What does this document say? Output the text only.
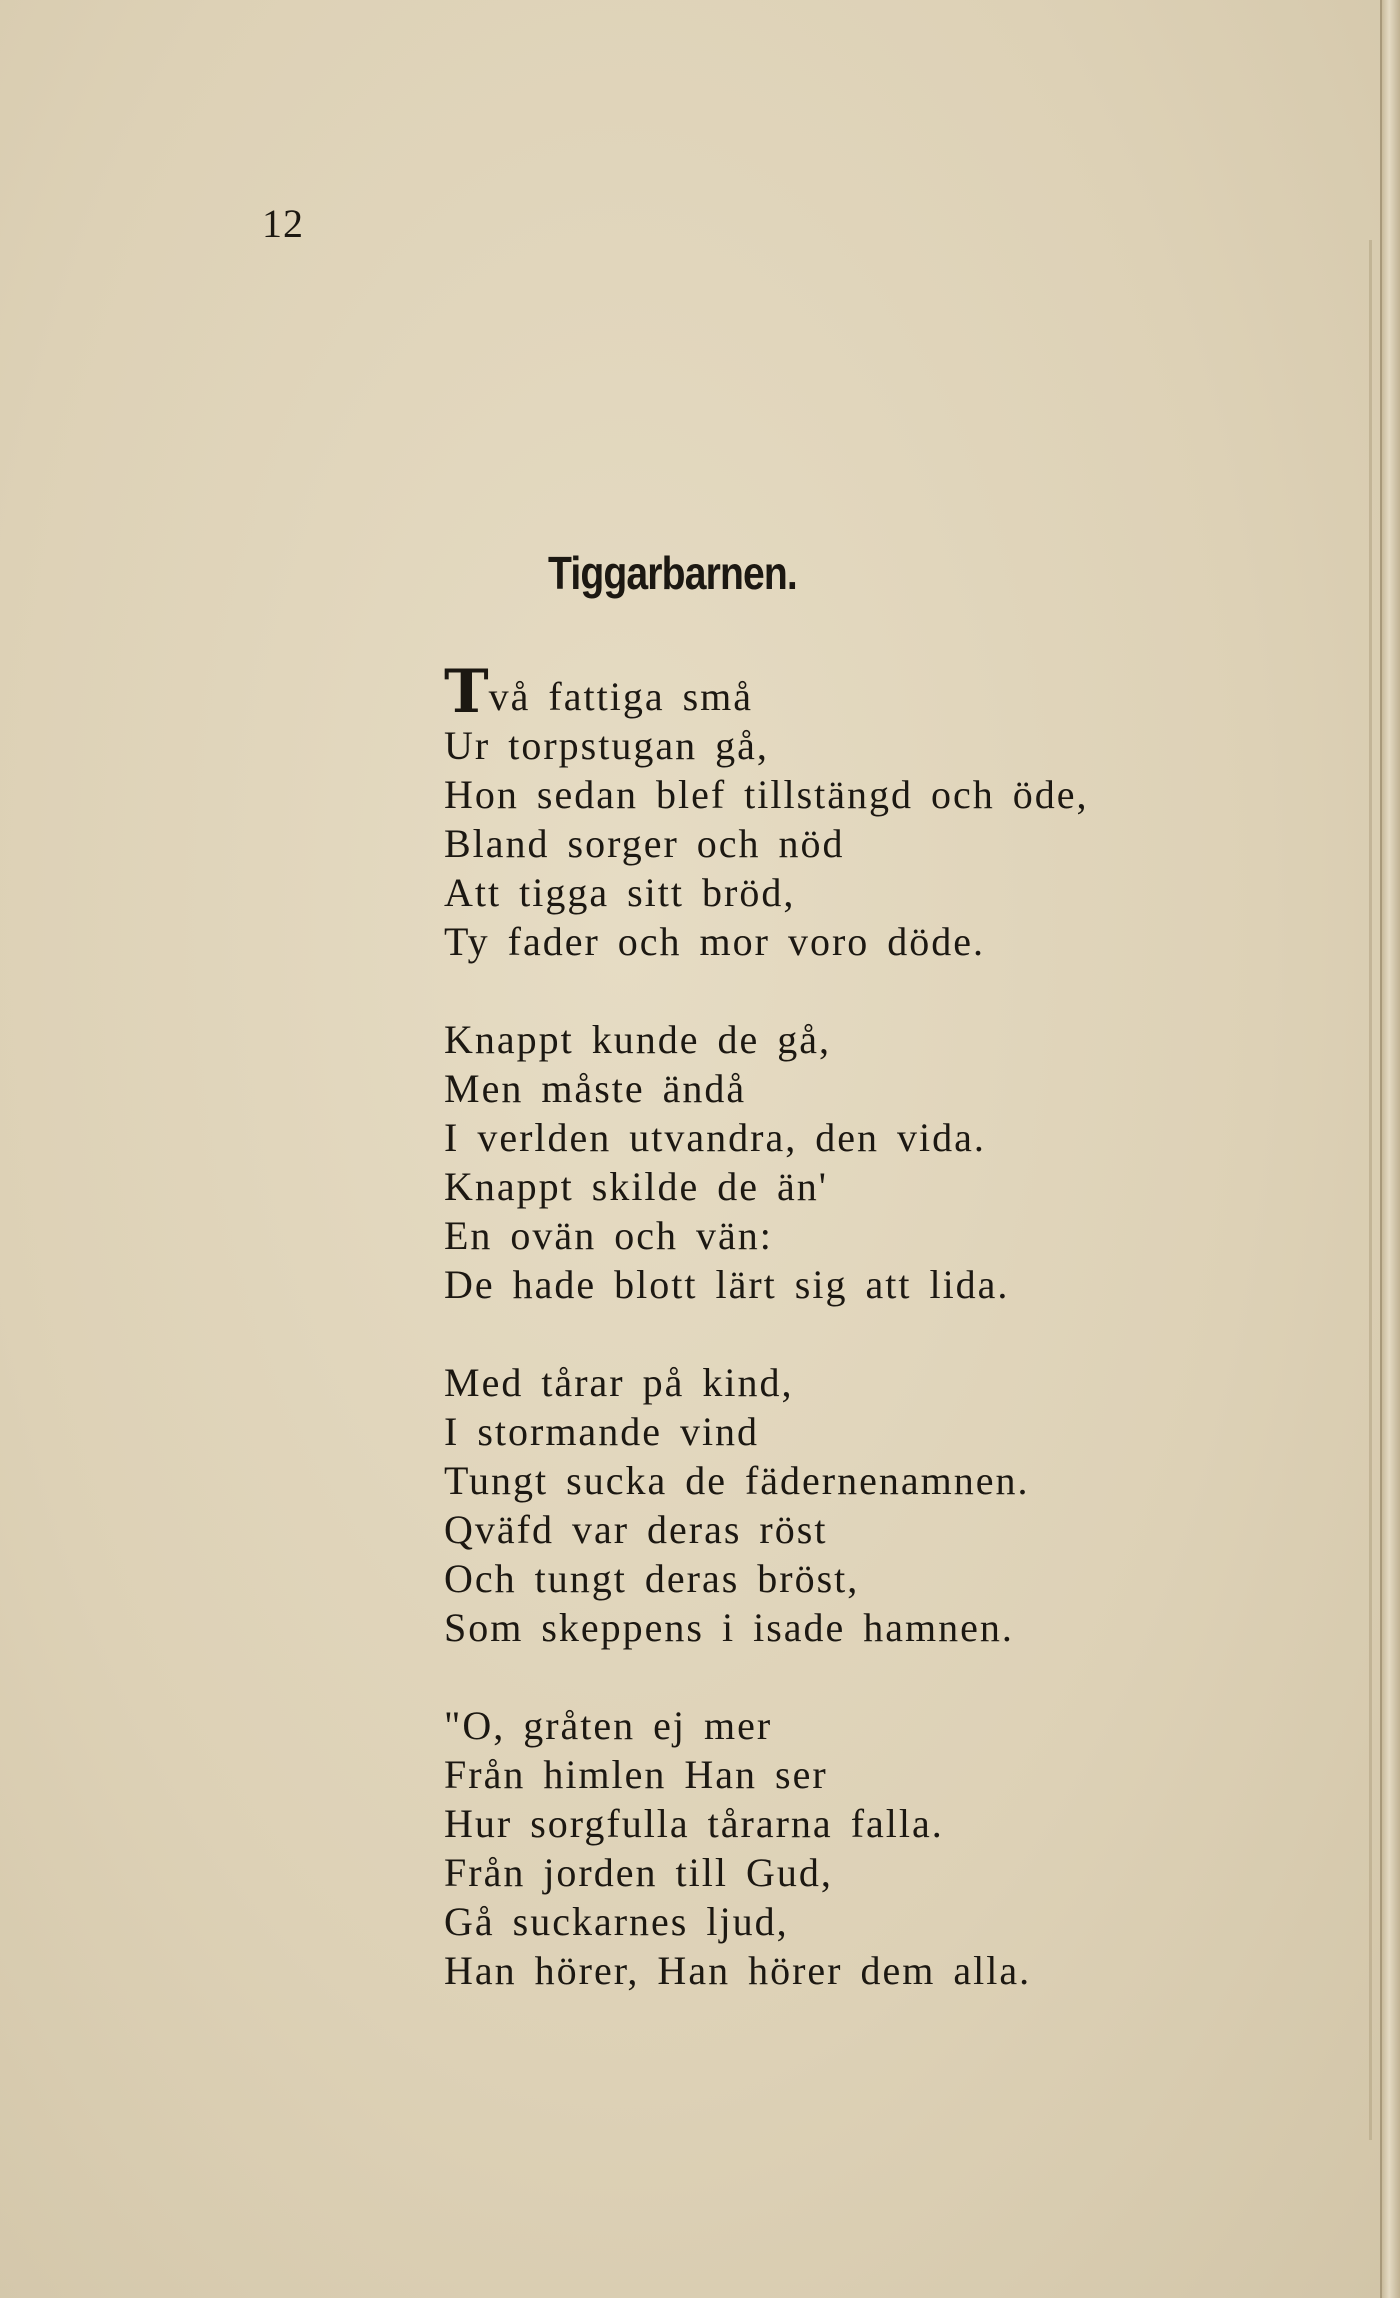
12
Tiggarbarnen.
Två fattiga små
Ur torpstugan gå,
Hon sedan blef tillstängd och öde,
Bland sorger och nöd
Att tigga sitt bröd,
Ty fader och mor voro döde.
Knappt kunde de gå,
Men måste ändå
I verlden utvandra, den vida.
Knappt skilde de än'
En ovän och vän:
De hade blott lärt sig att lida.
Med tårar på kind,
I stormande vind
Tungt sucka de fädernenamnen.
Qväfd var deras röst
Och tungt deras bröst,
Som skeppens i isade hamnen.
"O, gråten ej mer
Från himlen Han ser
Hur sorgfulla tårarna falla.
Från jorden till Gud,
Gå suckarnes ljud,
Han hörer, Han hörer dem alla.
